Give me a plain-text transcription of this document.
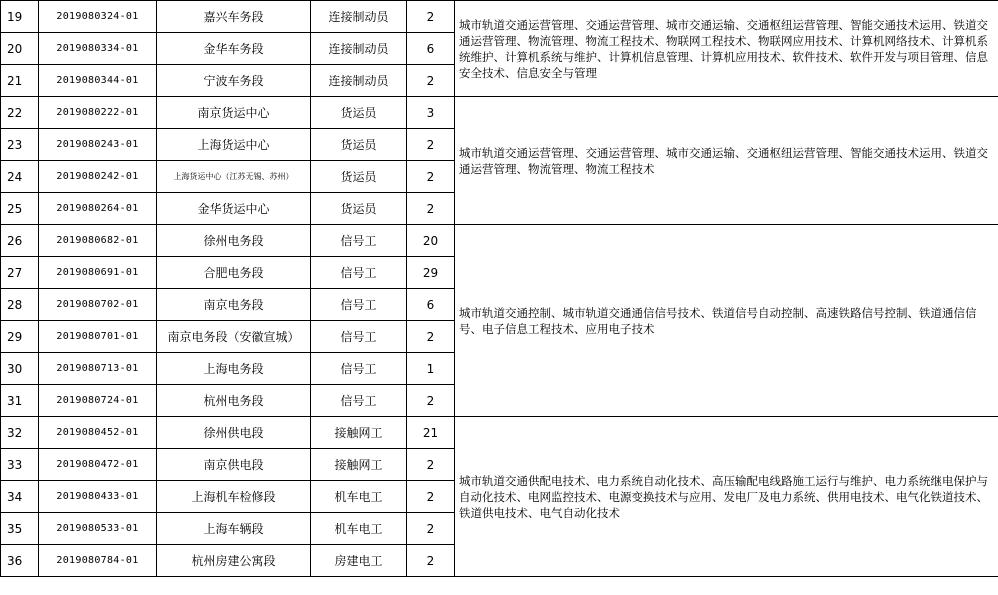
19	2019080324-01	嘉兴车务段	连接制动员	2	城市轨道交通运营管理、交通运营管理、城市交通运输、交通枢纽运营管理、智能交通技术运用、铁道交通运营管理、物流管理、物流工程技术、物联网工程技术、物联网应用技术、计算机网络技术、计算机系统维护、计算机系统与维护、计算机信息管理、计算机应用技术、软件技术、软件开发与项目管理、信息安全技术、信息安全与管理
20	2019080334-01	金华车务段	连接制动员	6	
21	2019080344-01	宁波车务段	连接制动员	2	
22	2019080222-01	南京货运中心	货运员	3	城市轨道交通运营管理、交通运营管理、城市交通运输、交通枢纽运营管理、智能交通技术运用、铁道交通运营管理、物流管理、物流工程技术
23	2019080243-01	上海货运中心	货运员	2	
24	2019080242-01	上海货运中心（江苏无锡、苏州）	货运员	2	
25	2019080264-01	金华货运中心	货运员	2	
26	2019080682-01	徐州电务段	信号工	20	城市轨道交通控制、城市轨道交通通信信号技术、铁道信号自动控制、高速铁路信号控制、铁道通信信号、电子信息工程技术、应用电子技术
27	2019080691-01	合肥电务段	信号工	29	
28	2019080702-01	南京电务段	信号工	6	
29	2019080701-01	南京电务段（安徽宣城）	信号工	2	
30	2019080713-01	上海电务段	信号工	1	
31	2019080724-01	杭州电务段	信号工	2	
32	2019080452-01	徐州供电段	接触网工	21	城市轨道交通供配电技术、电力系统自动化技术、高压输配电线路施工运行与维护、电力系统继电保护与自动化技术、电网监控技术、电源变换技术与应用、发电厂及电力系统、供用电技术、电气化铁道技术、铁道供电技术、电气自动化技术
33	2019080472-01	南京供电段	接触网工	2	
34	2019080433-01	上海机车检修段	机车电工	2	
35	2019080533-01	上海车辆段	机车电工	2	
36	2019080784-01	杭州房建公寓段	房建电工	2	
